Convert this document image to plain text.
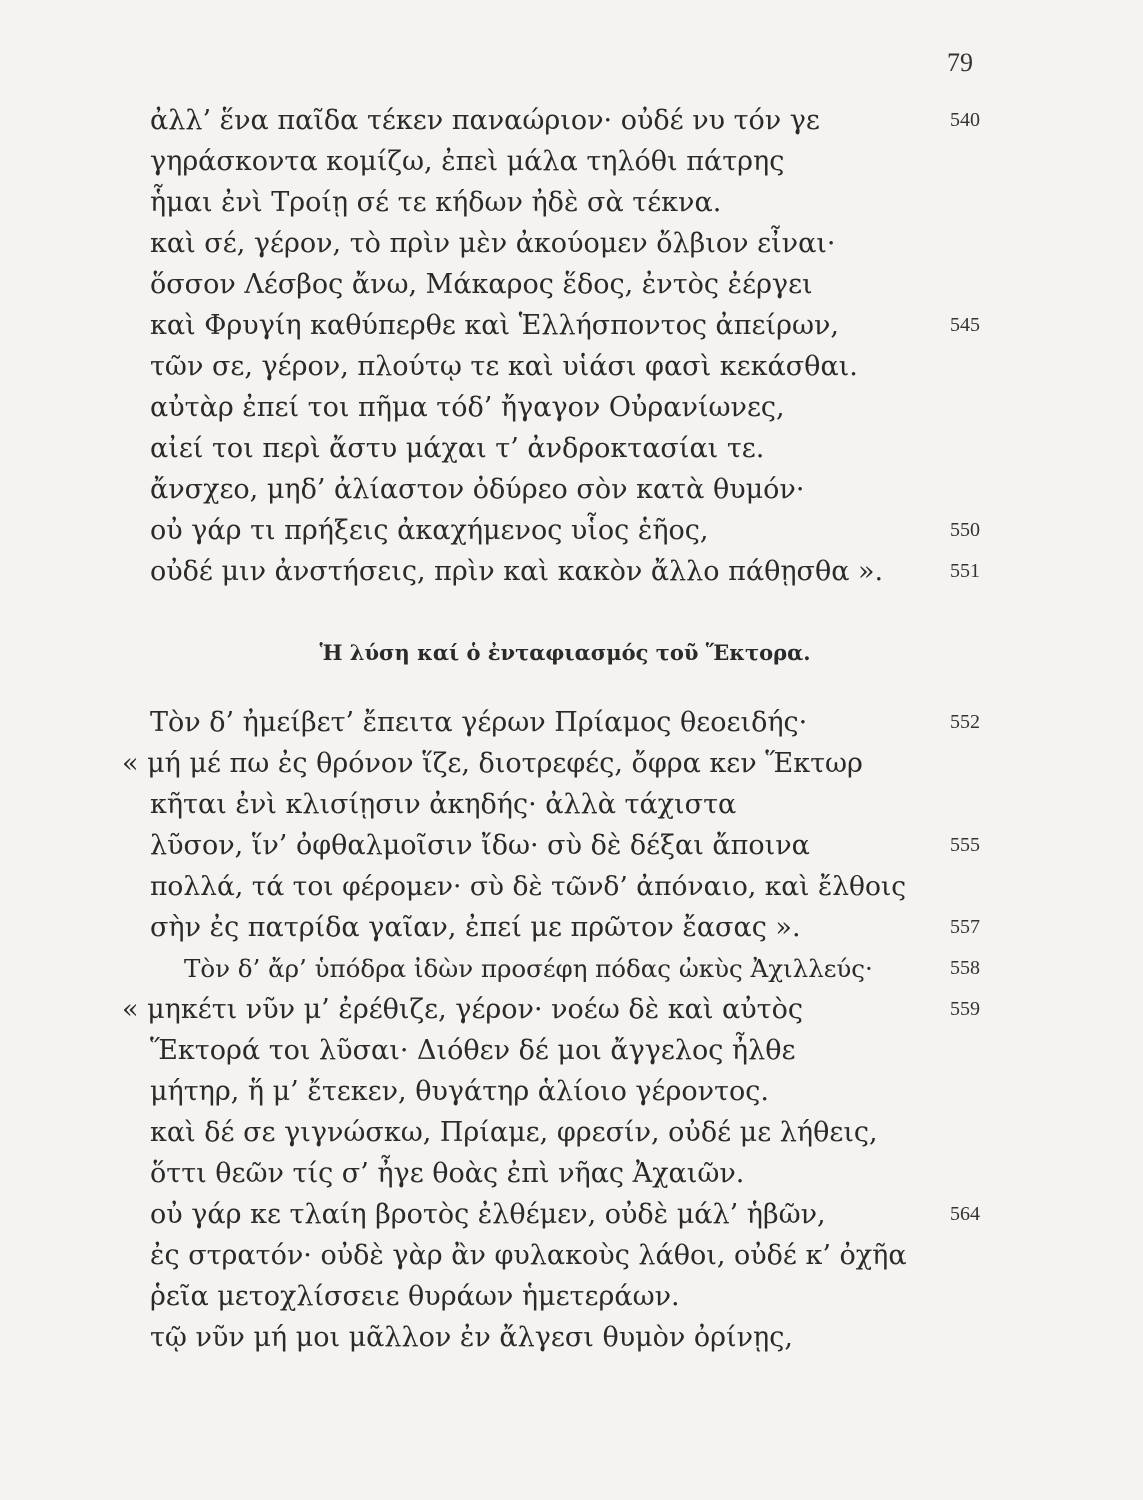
79
ἀλλ’ ἕνα παῖδα τέκεν παναώριον· οὐδέ νυ τόν γε	540
γηράσκοντα κομίζω, ἐπεὶ μάλα τηλόθι πάτρης
ἧμαι ἐνὶ Τροίῃ σέ τε κήδων ἠδὲ σὰ τέκνα.
καὶ σέ, γέρον, τὸ πρὶν μὲν ἀκούομεν ὄλβιον εἶναι·
ὅσσον Λέσβος ἄνω, Μάκαρος ἕδος, ἐντὸς ἐέργει
καὶ Φρυγίη καθύπερθε καὶ Ἑλλήσποντος ἀπείρων,	545
τῶν σε, γέρον, πλούτῳ τε καὶ υἱάσι φασὶ κεκάσθαι.
αὐτὰρ ἐπεί τοι πῆμα τόδ’ ἤγαγον Οὐρανίωνες,
αἰεί τοι περὶ ἄστυ μάχαι τ’ ἀνδροκτασίαι τε.
ἄνσχεο, μηδ’ ἀλίαστον ὀδύρεο σὸν κατὰ θυμόν·
οὐ γάρ τι πρήξεις ἀκαχήμενος υἷος ἑῆος,	550
οὐδέ μιν ἀνστήσεις, πρὶν καὶ κακὸν ἄλλο πάθῃσθα ».	551
Ἡ λύση καί ὁ ἐνταφιασμός τοῦ Ἕκτορα.
Τὸν δ’ ἠμείβετ’ ἔπειτα γέρων Πρίαμος θεοειδής·	552
« μή μέ πω ἐς θρόνον ἵζε, διοτρεφές, ὄφρα κεν Ἕκτωρ
κῆται ἐνὶ κλισίῃσιν ἀκηδής· ἀλλὰ τάχιστα
λῦσον, ἵν’ ὀφθαλμοῖσιν ἴδω· σὺ δὲ δέξαι ἄποινα	555
πολλά, τά τοι φέρομεν· σὺ δὲ τῶνδ’ ἀπόναιο, καὶ ἔλθοις
σὴν ἐς πατρίδα γαῖαν, ἐπεί με πρῶτον ἔασας ».	557
Τὸν δ’ ἄρ’ ὑπόδρα ἰδὼν προσέφη πόδας ὠκὺς Ἀχιλλεύς·	558
« μηκέτι νῦν μ’ ἐρέθιζε, γέρον· νοέω δὲ καὶ αὐτὸς	559
Ἕκτορά τοι λῦσαι· Διόθεν δέ μοι ἄγγελος ἦλθε
μήτηρ, ἥ μ’ ἔτεκεν, θυγάτηρ ἁλίοιο γέροντος.
καὶ δέ σε γιγνώσκω, Πρίαμε, φρεσίν, οὐδέ με λήθεις,
ὅττι θεῶν τίς σ’ ἦγε θοὰς ἐπὶ νῆας Ἀχαιῶν.
οὐ γάρ κε τλαίη βροτὸς ἐλθέμεν, οὐδὲ μάλ’ ἡβῶν,	564
ἐς στρατόν· οὐδὲ γὰρ ἂν φυλακοὺς λάθοι, οὐδέ κ’ ὀχῆα
ῥεῖα μετοχλίσσειε θυράων ἡμετεράων.
τῷ νῦν μή μοι μᾶλλον ἐν ἄλγεσι θυμὸν ὀρίνῃς,
